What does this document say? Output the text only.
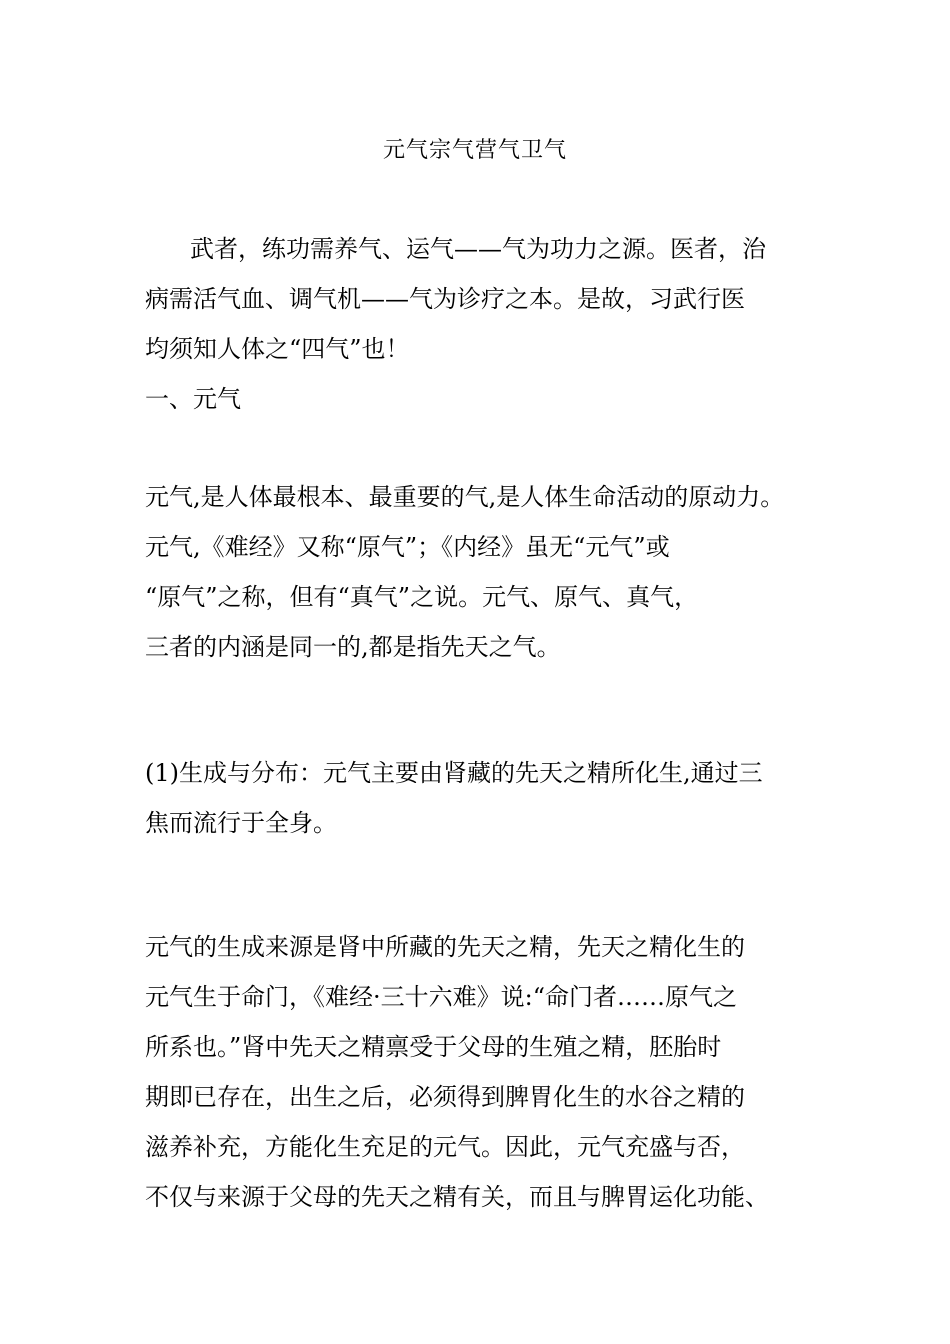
元气宗气营气卫气
武者，练功需养气、运气——气为功力之源。医者，治
病需活气血、调气机——气为诊疗之本。是故，习武行医
均须知人体之“四气”也！
一、元气
元气,是人体最根本、最重要的气,是人体生命活动的原动力。
元气,《难经》又称“原气”；《内经》虽无“元气”或
“原气”之称，但有“真气”之说。元气、原气、真气，
三者的内涵是同一的,都是指先天之气。
(1)生成与分布：元气主要由肾藏的先天之精所化生,通过三
焦而流行于全身。
元气的生成来源是肾中所藏的先天之精，先天之精化生的
元气生于命门，《难经·三十六难》说:“命门者……原气之
所系也。”肾中先天之精禀受于父母的生殖之精，胚胎时
期即已存在，出生之后，必须得到脾胃化生的水谷之精的
滋养补充，方能化生充足的元气。因此，元气充盛与否，
不仅与来源于父母的先天之精有关，而且与脾胃运化功能、
